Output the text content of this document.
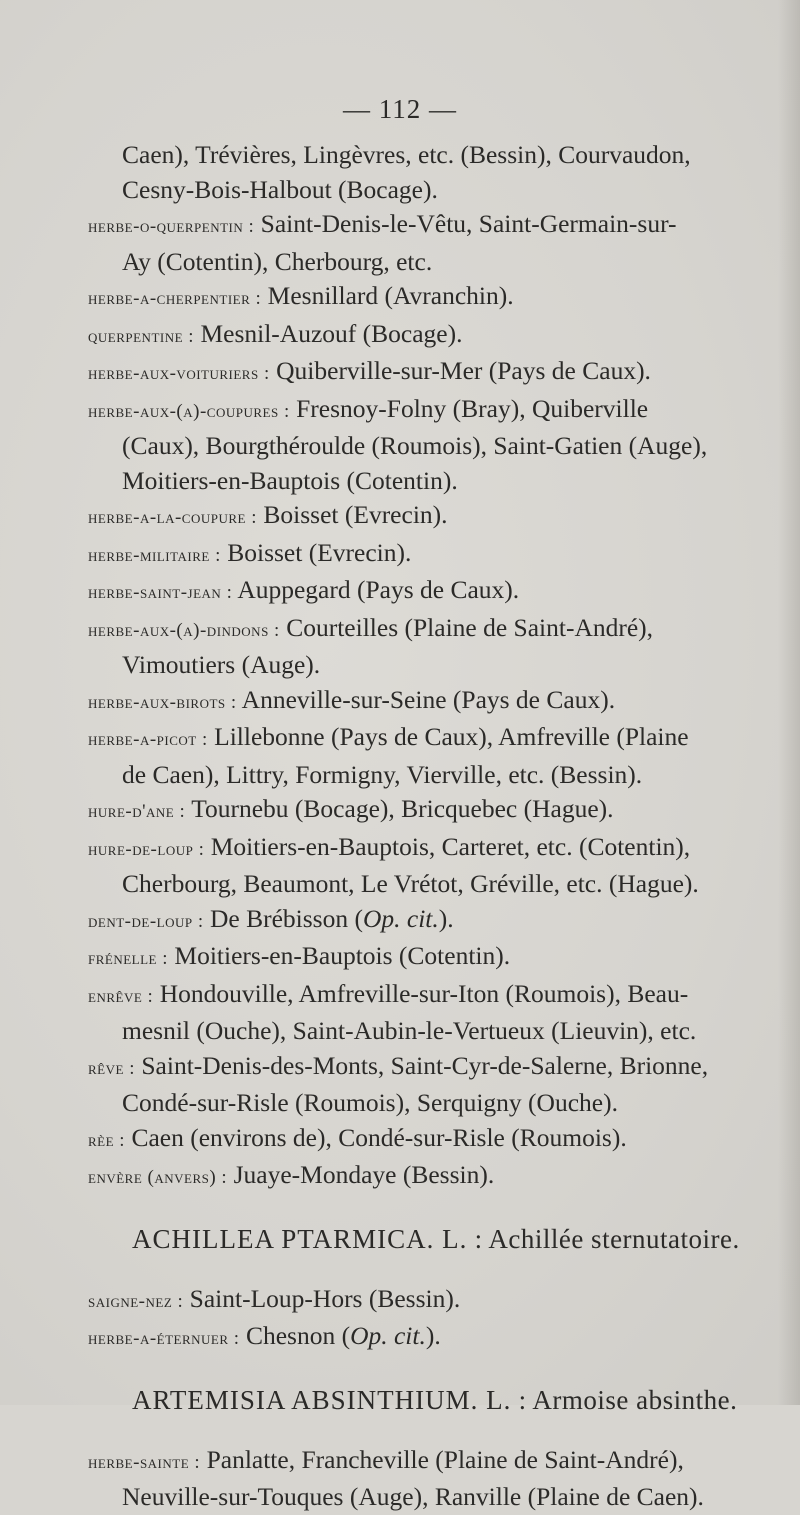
— 112 —
Caen), Trévières, Lingèvres, etc. (Bessin), Courvaudon,
Cesny-Bois-Halbout (Bocage).
herbe-o-querpentin : Saint-Denis-le-Vêtu, Saint-Germain-sur-
Ay (Cotentin), Cherbourg, etc.
herbe-a-cherpentier : Mesnillard (Avranchin).
querpentine : Mesnil-Auzouf (Bocage).
herbe-aux-voituriers : Quiberville-sur-Mer (Pays de Caux).
herbe-aux-(a)-coupures : Fresnoy-Folny (Bray), Quiberville
(Caux), Bourgthéroulde (Roumois), Saint-Gatien (Auge),
Moitiers-en-Bauptois (Cotentin).
herbe-a-la-coupure : Boisset (Evrecin).
herbe-militaire : Boisset (Evrecin).
herbe-saint-jean : Auppegard (Pays de Caux).
herbe-aux-(a)-dindons : Courteilles (Plaine de Saint-André),
Vimoutiers (Auge).
herbe-aux-birots : Anneville-sur-Seine (Pays de Caux).
herbe-a-picot : Lillebonne (Pays de Caux), Amfreville (Plaine
de Caen), Littry, Formigny, Vierville, etc. (Bessin).
hure-d'ane : Tournebu (Bocage), Bricquebec (Hague).
hure-de-loup : Moitiers-en-Bauptois, Carteret, etc. (Cotentin),
Cherbourg, Beaumont, Le Vrétot, Gréville, etc. (Hague).
dent-de-loup : De Brébisson (Op. cit.).
frénelle : Moitiers-en-Bauptois (Cotentin).
enrêve : Hondouville, Amfreville-sur-Iton (Roumois), Beau-
mesnil (Ouche), Saint-Aubin-le-Vertueux (Lieuvin), etc.
rêve : Saint-Denis-des-Monts, Saint-Cyr-de-Salerne, Brionne,
Condé-sur-Risle (Roumois), Serquigny (Ouche).
rèe : Caen (environs de), Condé-sur-Risle (Roumois).
envère (anvers) : Juaye-Mondaye (Bessin).
ACHILLEA PTARMICA. L. : Achillée sternutatoire.
saigne-nez : Saint-Loup-Hors (Bessin).
herbe-a-éternuer : Chesnon (Op. cit.).
ARTEMISIA ABSINTHIUM. L. : Armoise absinthe.
herbe-sainte : Panlatte, Francheville (Plaine de Saint-André),
Neuville-sur-Touques (Auge), Ranville (Plaine de Caen).
